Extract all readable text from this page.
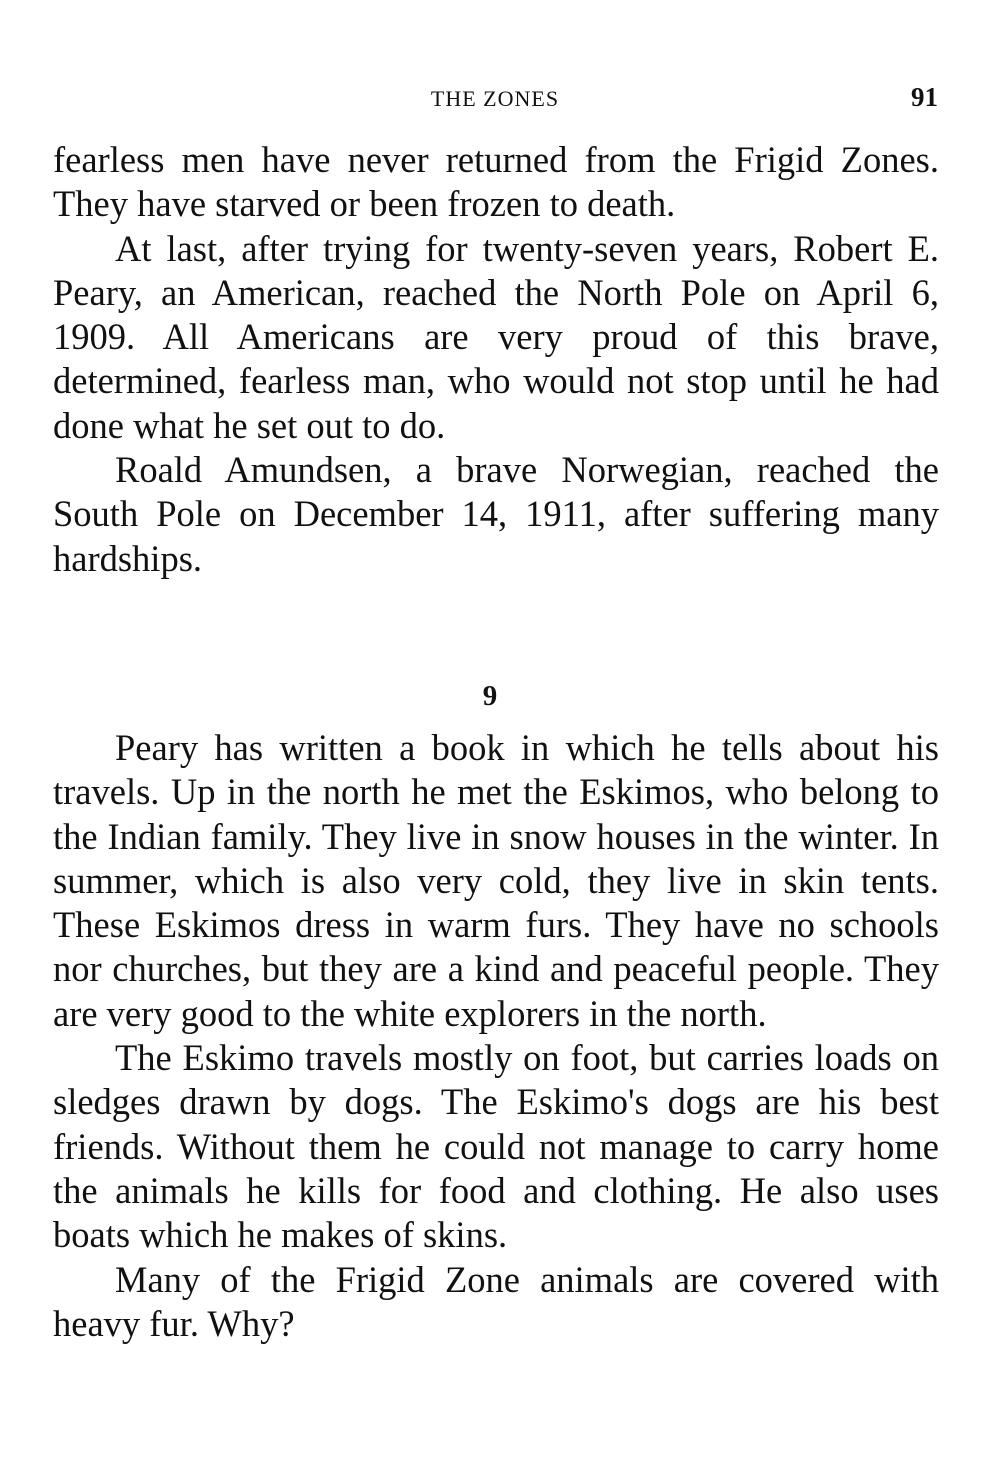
THE ZONES	91

fearless men have never returned from the Frigid Zones. They have starved or been frozen to death.

At last, after trying for twenty-seven years, Robert E. Peary, an American, reached the North Pole on April 6, 1909. All Americans are very proud of this brave, determined, fearless man, who would not stop until he had done what he set out to do.

Roald Amundsen, a brave Norwegian, reached the South Pole on December 14, 1911, after suffering many hardships.

9

Peary has written a book in which he tells about his travels. Up in the north he met the Eskimos, who belong to the Indian family. They live in snow houses in the winter. In summer, which is also very cold, they live in skin tents. These Eskimos dress in warm furs. They have no schools nor churches, but they are a kind and peaceful people. They are very good to the white explorers in the north.

The Eskimo travels mostly on foot, but carries loads on sledges drawn by dogs. The Eskimo's dogs are his best friends. Without them he could not manage to carry home the animals he kills for food and clothing. He also uses boats which he makes of skins.

Many of the Frigid Zone animals are covered with heavy fur. Why?
